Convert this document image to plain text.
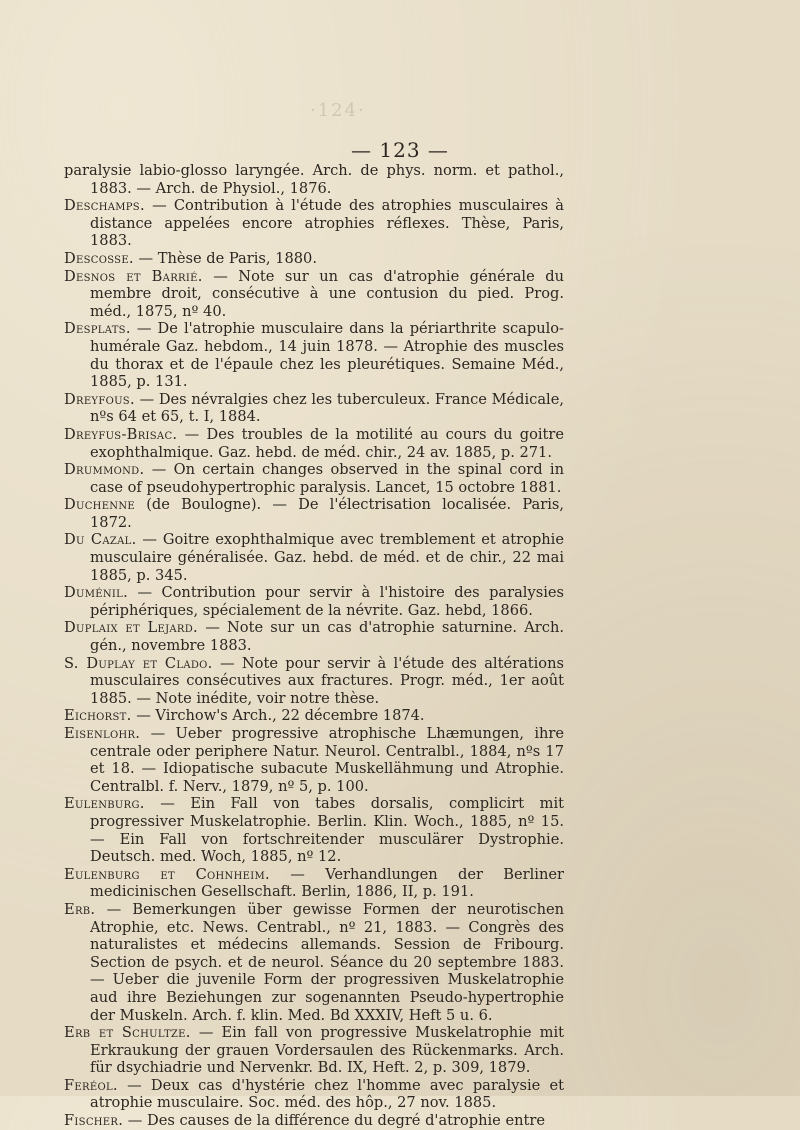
·124·
— 123 —

paralysie labio-glosso laryngée. Arch. de phys. norm. et pathol., 1883. — Arch. de Physiol., 1876.

Deschamps. — Contribution à l'étude des atrophies musculaires à distance appelées encore atrophies réflexes. Thèse, Paris, 1883.

Descosse. — Thèse de Paris, 1880.

Desnos et Barrié. — Note sur un cas d'atrophie générale du membre droit, consécutive à une contusion du pied. Prog. méd., 1875, nº 40.

Desplats. — De l'atrophie musculaire dans la périarthrite scapulo-humérale Gaz. hebdom., 14 juin 1878. — Atrophie des muscles du thorax et de l'épaule chez les pleurétiques. Semaine Méd., 1885, p. 131.

Dreyfous. — Des névralgies chez les tuberculeux. France Médicale, nºs 64 et 65, t. I, 1884.

Dreyfus-Brisac. — Des troubles de la motilité au cours du goitre exophthalmique. Gaz. hebd. de méd. chir., 24 av. 1885, p. 271.

Drummond. — On certain changes observed in the spinal cord in case of pseudohypertrophic paralysis. Lancet, 15 octobre 1881.

Duchenne (de Boulogne). — De l'électrisation localisée. Paris, 1872.

Du Cazal. — Goitre exophthalmique avec tremblement et atrophie musculaire généralisée. Gaz. hebd. de méd. et de chir., 22 mai 1885, p. 345.

Duménil. — Contribution pour servir à l'histoire des paralysies périphériques, spécialement de la névrite. Gaz. hebd, 1866.

Duplaix et Lejard. — Note sur un cas d'atrophie saturnine. Arch. gén., novembre 1883.

S. Duplay et Clado. — Note pour servir à l'étude des altérations musculaires consécutives aux fractures. Progr. méd., 1er août 1885. — Note inédite, voir notre thèse.

Eichorst. — Virchow's Arch., 22 décembre 1874.

Eisenlohr. — Ueber progressive atrophische Lhæmungen, ihre centrale oder periphere Natur. Neurol. Centralbl., 1884, nºs 17 et 18. — Idiopatische subacute Muskellähmung und Atrophie. Centralbl. f. Nerv., 1879, nº 5, p. 100.

Eulenburg. — Ein Fall von tabes dorsalis, complicirt mit progressiver Muskelatrophie. Berlin. Klin. Woch., 1885, nº 15. — Ein Fall von fortschreitender musculärer Dystrophie. Deutsch. med. Woch, 1885, nº 12.

Eulenburg et Cohnheim. — Verhandlungen der Berliner medicinischen Gesellschaft. Berlin, 1886, II, p. 191.

Erb. — Bemerkungen über gewisse Formen der neurotischen Atrophie, etc. News. Centrabl., nº 21, 1883. — Congrès des naturalistes et médecins allemands. Session de Fribourg. Section de psych. et de neurol. Séance du 20 septembre 1883. — Ueber die juvenile Form der progressiven Muskelatrophie aud ihre Beziehungen zur sogenannten Pseudo-hypertrophie der Muskeln. Arch. f. klin. Med. Bd XXXIV, Heft 5 u. 6.

Erb et Schultze. — Ein fall von progressive Muskelatrophie mit Erkraukung der grauen Vordersaulen des Rückenmarks. Arch. für dsychiadrie und Nervenkr. Bd. IX, Heft. 2, p. 309, 1879.

Feréol. — Deux cas d'hystérie chez l'homme avec paralysie et atrophie musculaire. Soc. méd. des hôp., 27 nov. 1885.

Fischer. — Des causes de la différence du degré d'atrophie entre
